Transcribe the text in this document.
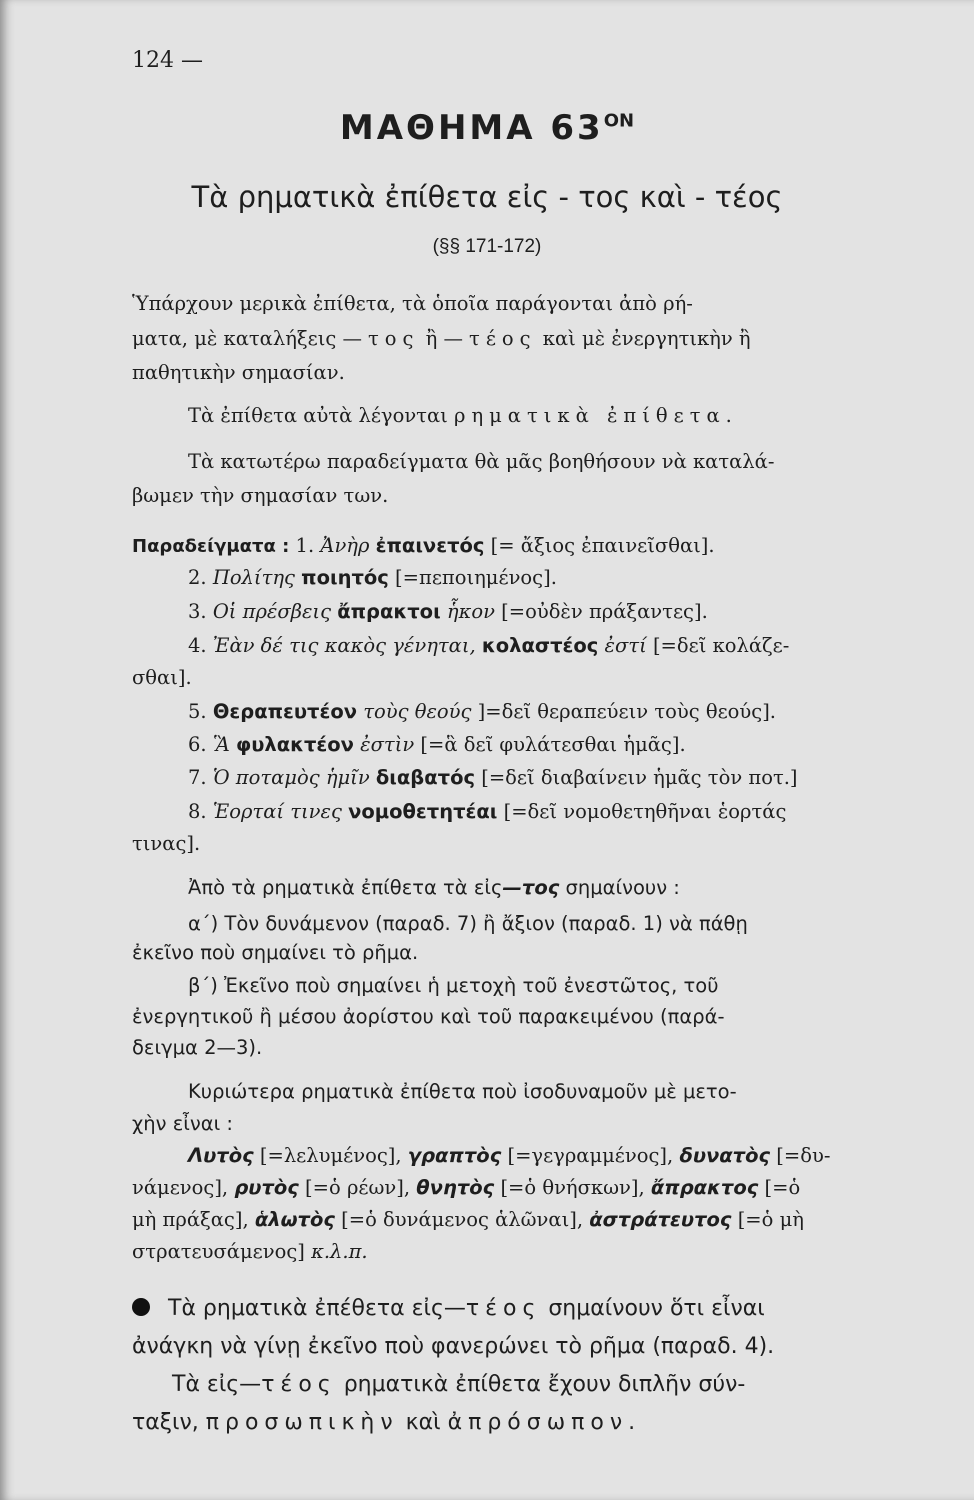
124 —
ΜΑΘΗΜΑ $63^{ON}$
Τὰ ρηματικὰ ἐπίθετα εἰς - τος καὶ - τέος
(§§ 171-172)
Ὑπάρχουν μερικὰ ἐπίθετα, τὰ ὁποῖα παράγονται ἀπὸ ρή-
ματα, μὲ καταλήξεις —τος ἢ —τέος καὶ μὲ ἐνεργητικὴν ἢ
παθητικὴν σημασίαν.
Τὰ ἐπίθετα αὐτὰ λέγονται ρηματικὰ ἐπίθετα.
Τὰ κατωτέρω παραδείγματα θὰ μᾶς βοηθήσουν νὰ καταλά-
βωμεν τὴν σημασίαν των.
Παραδείγματα : 1. Ἀνὴρ ἐπαινετός [= ἄξιος ἐπαινεῖσθαι].
2. Πολίτης ποιητός [=πεποιημένος].
3. Οἱ πρέσβεις ἄπρακτοι ἧκον [=οὐδὲν πράξαντες].
4. Ἐὰν δέ τις κακὸς γένηται, κολαστέος ἐστί [=δεῖ κολάζε-
σθαι].
5. Θεραπευτέον τοὺς θεούς ]=δεῖ θεραπεύειν τοὺς θεούς].
6. Ἃ φυλακτέον ἐστὶν [=ἃ δεῖ φυλάτεσθαι ἡμᾶς].
7. Ὁ ποταμὸς ἡμῖν διαβατός [=δεῖ διαβαίνειν ἡμᾶς τὸν ποτ.]
8. Ἑορταί τινες νομοθετητέαι [=δεῖ νομοθετηθῆναι ἑορτάς
τινας].
Ἀπὸ τὰ ρηματικὰ ἐπίθετα τὰ εἰς—τος σημαίνουν :
α΄) Τὸν δυνάμενον (παραδ. 7) ἢ ἄξιον (παραδ. 1) νὰ πάθῃ
ἐκεῖνο ποὺ σημαίνει τὸ ρῆμα.
β΄) Ἐκεῖνο ποὺ σημαίνει ἡ μετοχὴ τοῦ ἐνεστῶτος, τοῦ
ἐνεργητικοῦ ἢ μέσου ἀορίστου καὶ τοῦ παρακειμένου (παρά-
δειγμα 2—3).
Κυριώτερα ρηματικὰ ἐπίθετα ποὺ ἰσοδυναμοῦν μὲ μετο-
χὴν εἶναι :
Λυτὸς [=λελυμένος], γραπτὸς [=γεγραμμένος], δυνατὸς [=δυ-
νάμενος], ρυτὸς [=ὁ ρέων], θνητὸς [=ὁ θνήσκων], ἄπρακτος [=ὁ
μὴ πράξας], ἁλωτὸς [=ὁ δυνάμενος ἁλῶναι], ἀστράτευτος [=ὁ μὴ
στρατευσάμενος] κ.λ.π.
Τὰ ρηματικὰ ἐπέθετα εἰς—τέος σημαίνουν ὅτι εἶναι
ἀνάγκη νὰ γίνῃ ἐκεῖνο ποὺ φανερώνει τὸ ρῆμα (παραδ. 4).
Τὰ εἰς—τέος ρηματικὰ ἐπίθετα ἔχουν διπλῆν σύν-
ταξιν, προσωπικὴν καὶ ἀπρόσωπον.
